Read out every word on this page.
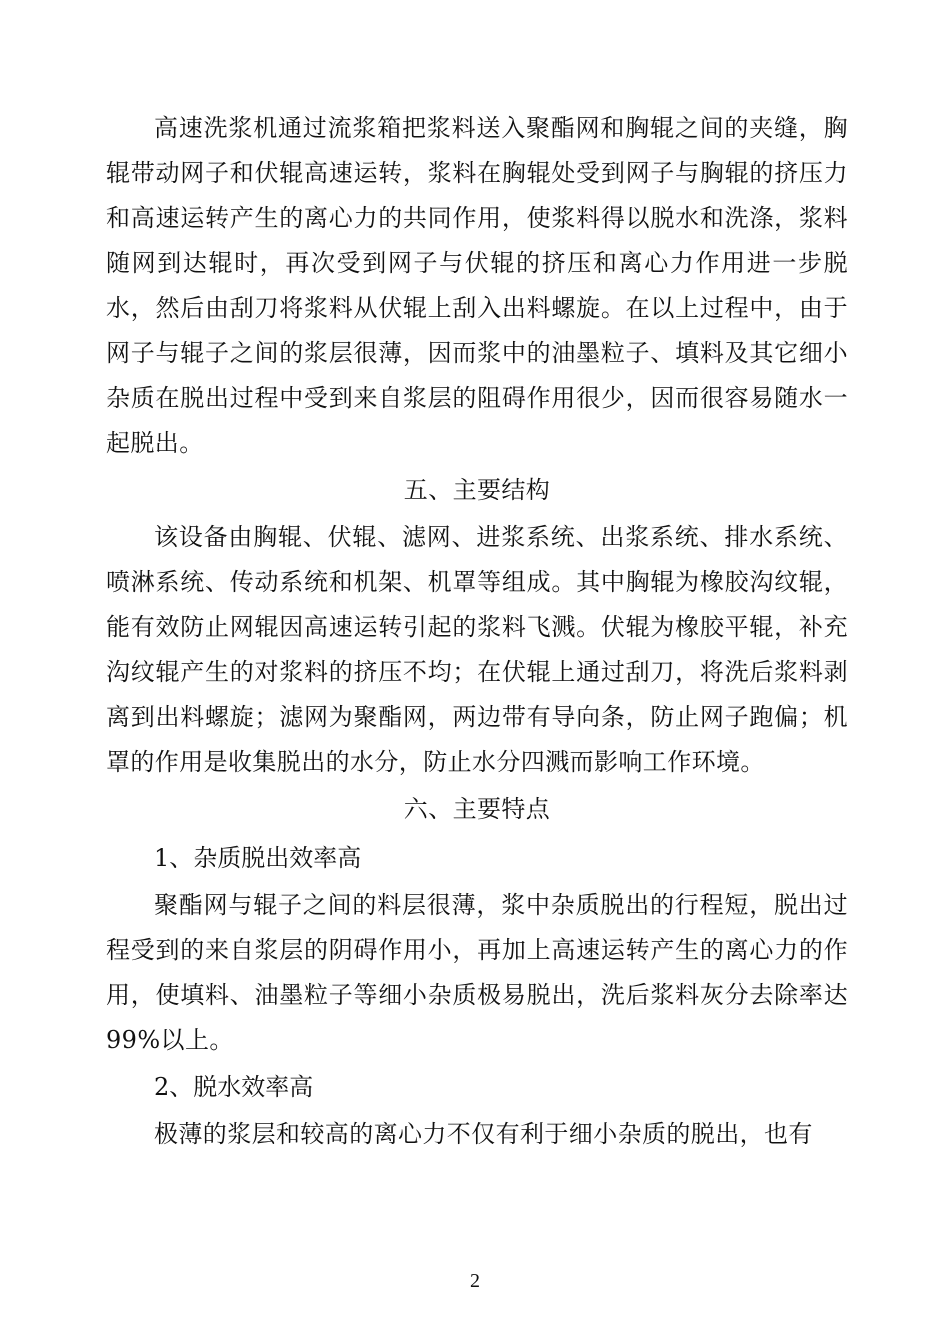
高速洗浆机通过流浆箱把浆料送入聚酯网和胸辊之间的夹缝，胸辊带动网子和伏辊高速运转，浆料在胸辊处受到网子与胸辊的挤压力和高速运转产生的离心力的共同作用，使浆料得以脱水和洗涤，浆料随网到达辊时，再次受到网子与伏辊的挤压和离心力作用进一步脱水，然后由刮刀将浆料从伏辊上刮入出料螺旋。在以上过程中，由于网子与辊子之间的浆层很薄，因而浆中的油墨粒子、填料及其它细小杂质在脱出过程中受到来自浆层的阻碍作用很少，因而很容易随水一起脱出。

五、主要结构

该设备由胸辊、伏辊、滤网、进浆系统、出浆系统、排水系统、喷淋系统、传动系统和机架、机罩等组成。其中胸辊为橡胶沟纹辊，能有效防止网辊因高速运转引起的浆料飞溅。伏辊为橡胶平辊，补充沟纹辊产生的对浆料的挤压不均；在伏辊上通过刮刀，将洗后浆料剥离到出料螺旋；滤网为聚酯网，两边带有导向条，防止网子跑偏；机罩的作用是收集脱出的水分，防止水分四溅而影响工作环境。

六、主要特点

1、杂质脱出效率高

聚酯网与辊子之间的料层很薄，浆中杂质脱出的行程短，脱出过程受到的来自浆层的阴碍作用小，再加上高速运转产生的离心力的作用，使填料、油墨粒子等细小杂质极易脱出，洗后浆料灰分去除率达 99%以上。

2、脱水效率高

极薄的浆层和较高的离心力不仅有利于细小杂质的脱出，也有

2
